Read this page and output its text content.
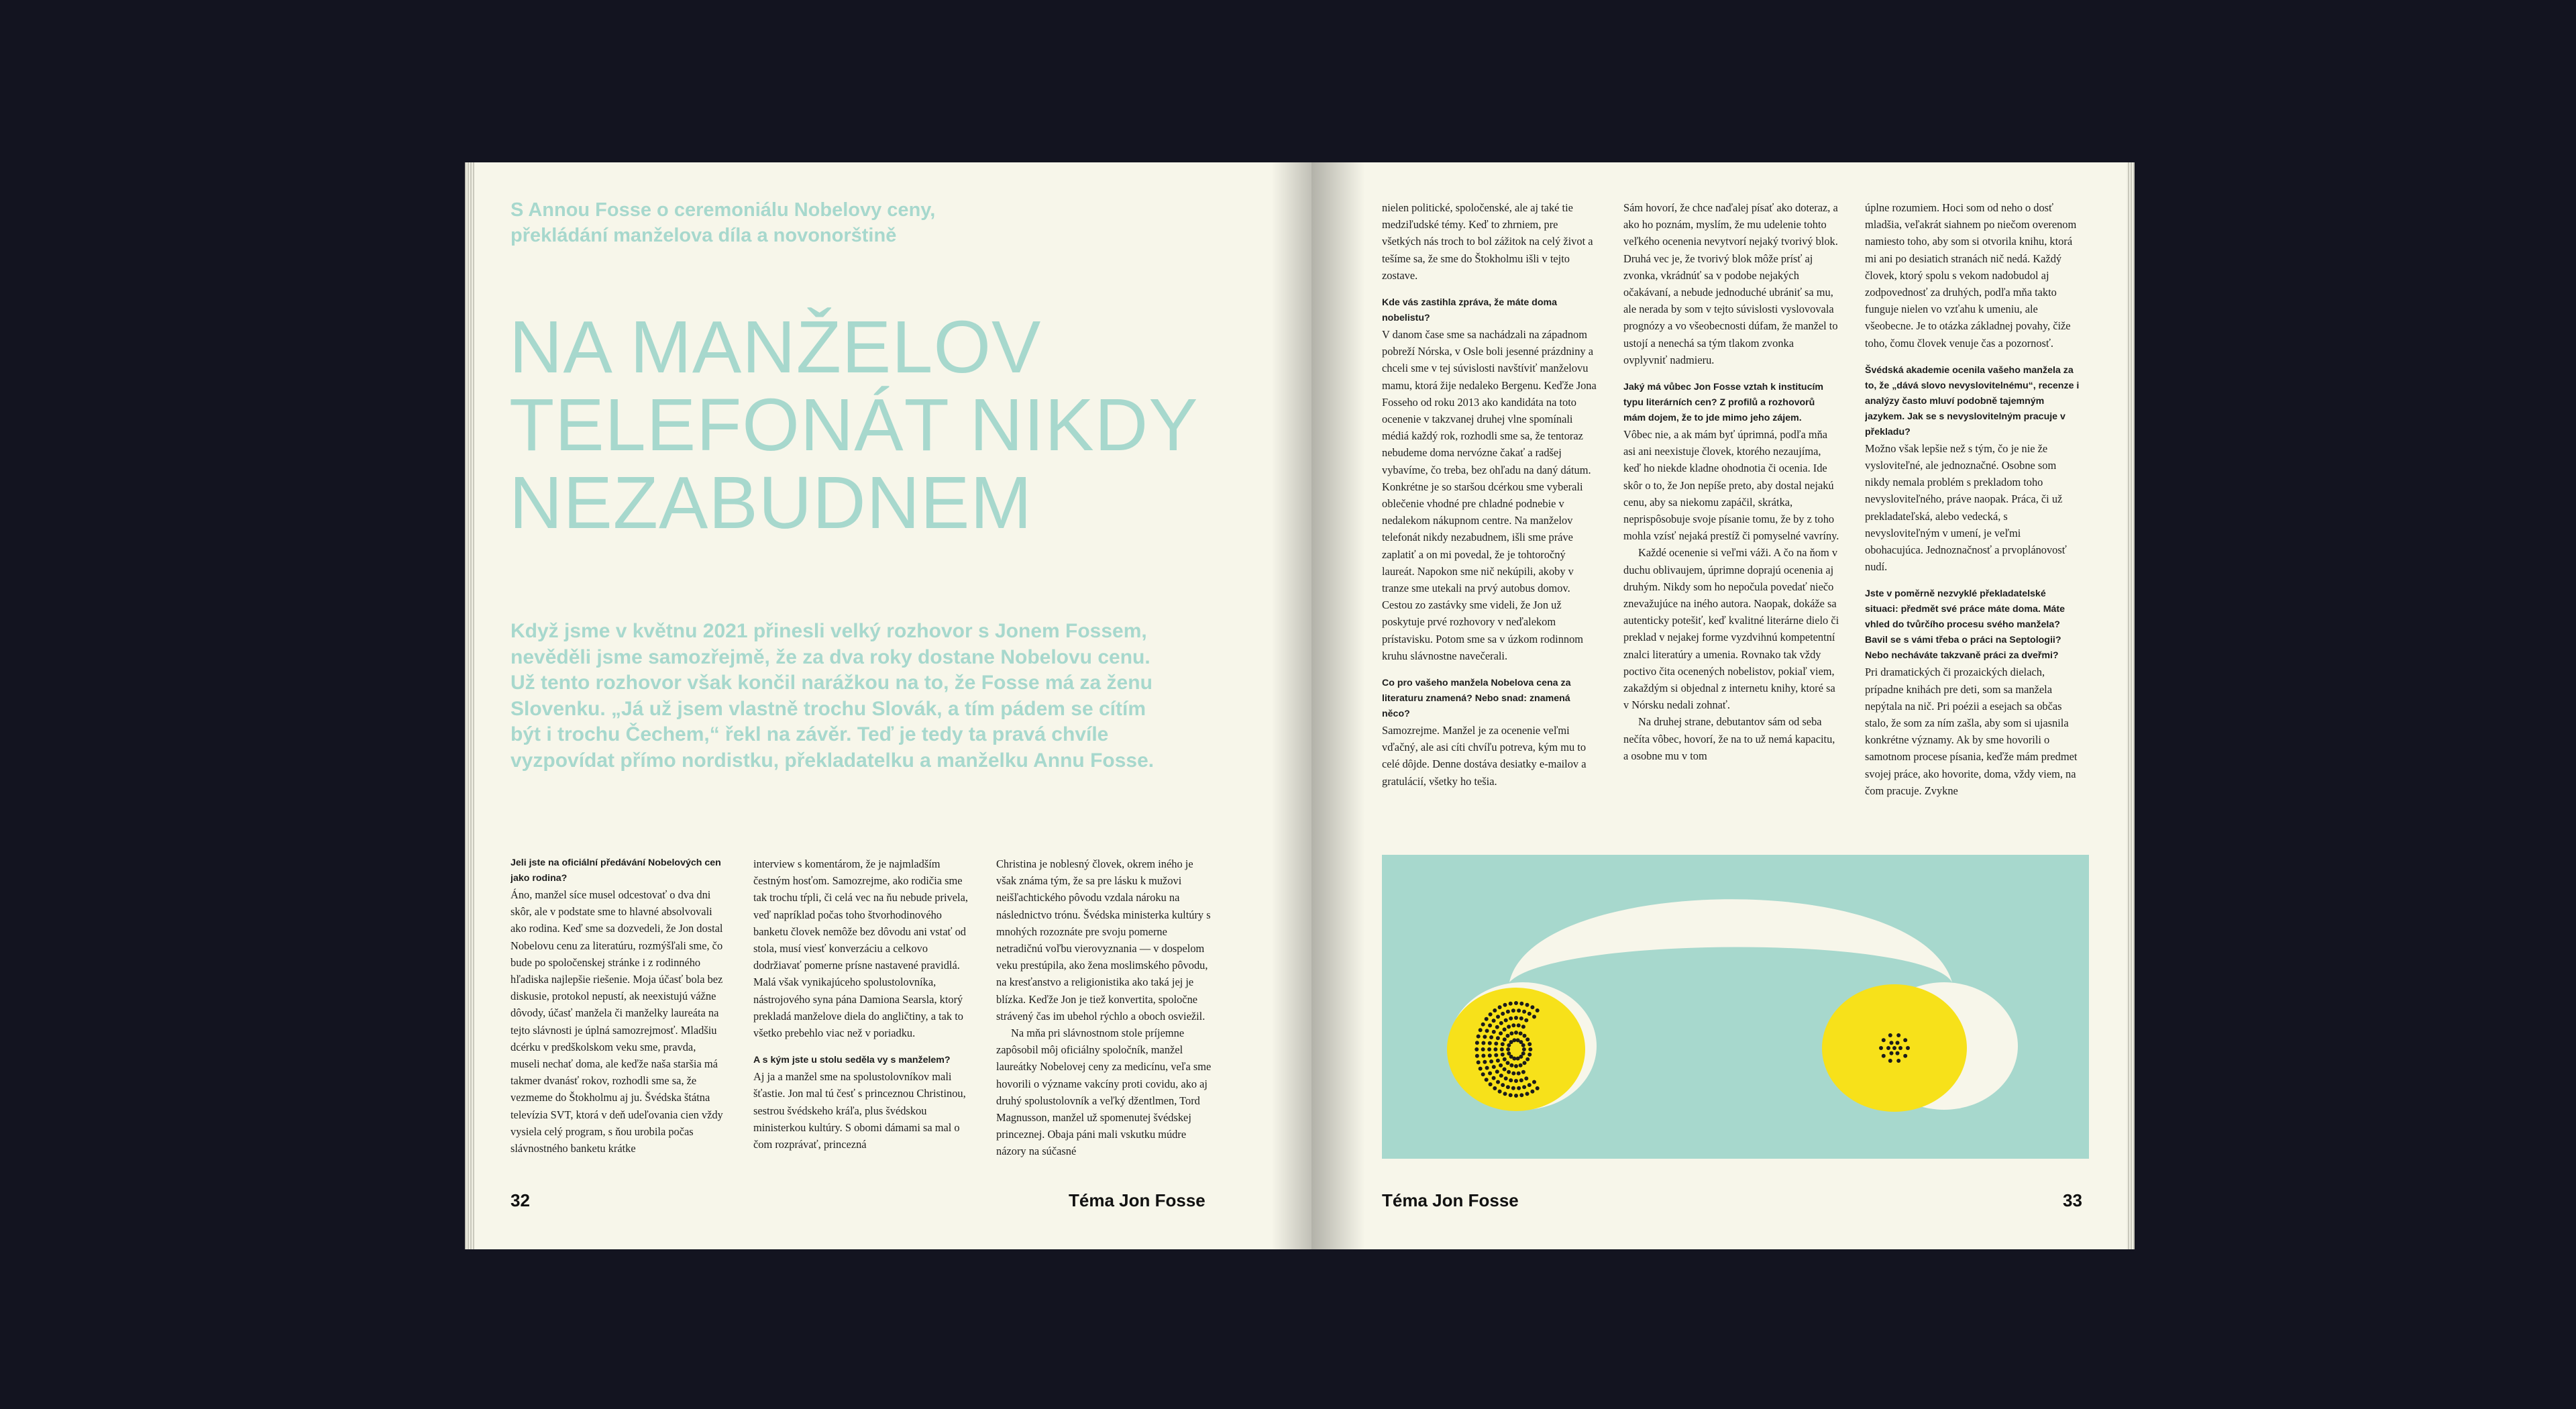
S Annou Fosse o ceremoniálu Nobelovy ceny, překládání manželova díla a novonorštině
NA MANŽELOV
TELEFONÁT NIKDY
NEZABUDNEM
Když jsme v květnu 2021 přinesli velký rozhovor s Jonem Fossem, nevěděli jsme samozřejmě, že za dva roky dostane Nobelovu cenu. Už tento rozhovor však končil narážkou na to, že Fosse má za ženu Slovenku. „Já už jsem vlastně trochu Slovák, a tím pádem se cítím být i trochu Čechem,“ řekl na závěr. Teď je tedy ta pravá chvíle vyzpovídat přímo nordistku, překladatelku a manželku Annu Fosse.

Jeli jste na oficiální předávání Nobelových cen jako rodina?

Áno, manžel síce musel odcestovať o dva dni skôr, ale v podstate sme to hlavné absolvovali ako rodina. Keď sme sa dozvedeli, že Jon dostal Nobelovu cenu za literatúru, rozmýšľali sme, čo bude po spoločenskej stránke i z rodinného hľadiska najlepšie riešenie. Moja účasť bola bez diskusie, protokol nepustí, ak neexistujú vážne dôvody, účasť manžela či manželky laureáta na tejto slávnosti je úplná samozrejmosť. Mladšiu dcérku v predškolskom veku sme, pravda, museli nechať doma, ale keďže naša staršia má takmer dvanásť rokov, rozhodli sme sa, že vezmeme do Štokholmu aj ju. Švédska štátna televízia SVT, ktorá v deň udeľovania cien vždy vysiela celý program, s ňou urobila počas slávnostného banketu krátke

interview s komentárom, že je najmladším čestným hosťom. Samozrejme, ako rodičia sme tak trochu tŕpli, či celá vec na ňu nebude privela, veď napríklad počas toho štvorhodinového banketu človek nemôže bez dôvodu ani vstať od stola, musí viesť konverzáciu a celkovo dodržiavať pomerne prísne nastavené pravidlá. Malá však vynikajúceho spolustolovníka, nástrojového syna pána Damiona Searsla, ktorý prekladá manželove diela do angličtiny, a tak to všetko prebehlo viac než v poriadku.

A s kým jste u stolu seděla vy s manželem?

Aj ja a manžel sme na spolustolovníkov mali šťastie. Jon mal tú česť s princeznou Christinou, sestrou švédskeho kráľa, plus švédskou ministerkou kultúry. S obomi dámami sa mal o čom rozprávať, princezná

Christina je noblesný človek, okrem iného je však známa tým, že sa pre lásku k mužovi neišľachtického pôvodu vzdala nároku na následnictvo trónu. Švédska ministerka kultúry s mnohých rozoznáte pre svoju pomerne netradičnú voľbu vierovyznania — v dospelom veku prestúpila, ako žena moslimského pôvodu, na kresťanstvo a religionistika ako taká jej je blízka. Keďže Jon je tiež konvertita, spoločne strávený čas im ubehol rýchlo a oboch osviežil.

Na mňa pri slávnostnom stole príjemne zapôsobil môj oficiálny spoločník, manžel laureátky Nobelovej ceny za medicínu, veľa sme hovorili o význame vakcíny proti covidu, ako aj druhý spolustolovník a veľký džentlmen, Tord Magnusson, manžel už spomenutej švédskej princeznej. Obaja páni mali vskutku múdre názory na súčasné

32	Téma Jon Fosse

nielen politické, spoločenské, ale aj také tie medziľudské témy. Keď to zhrniem, pre všetkých nás troch to bol zážitok na celý život a tešíme sa, že sme do Štokholmu išli v tejto zostave.

Kde vás zastihla zpráva, že máte doma nobelistu?

V danom čase sme sa nachádzali na západnom pobreží Nórska, v Osle boli jesenné prázdniny a chceli sme v tej súvislosti navštíviť manželovu mamu, ktorá žije nedaleko Bergenu. Keďže Jona Fosseho od roku 2013 ako kandidáta na toto ocenenie v takzvanej druhej vlne spomínali médiá každý rok, rozhodli sme sa, že tentoraz nebudeme doma nervózne čakať a radšej vybavíme, čo treba, bez ohľadu na daný dátum. Konkrétne je so staršou dcérkou sme vyberali oblečenie vhodné pre chladné podnebie v nedalekom nákupnom centre. Na manželov telefonát nikdy nezabudnem, išli sme práve zaplatiť a on mi povedal, že je tohtoročný laureát. Napokon sme nič nekúpili, akoby v tranze sme utekali na prvý autobus domov. Cestou zo zastávky sme videli, že Jon už poskytuje prvé rozhovory v neďalekom prístavisku. Potom sme sa v úzkom rodinnom kruhu slávnostne navečerali.

Co pro vašeho manžela Nobelova cena za literaturu znamená? Nebo snad: znamená něco?

Samozrejme. Manžel je za ocenenie veľmi vďačný, ale asi cíti chvíľu potreva, kým mu to celé dôjde. Denne dostáva desiatky e-mailov a gratulácií, všetky ho tešia.

Sám hovorí, že chce naďalej písať ako doteraz, a ako ho poznám, myslím, že mu udelenie tohto veľkého ocenenia nevytvorí nejaký tvorivý blok. Druhá vec je, že tvorivý blok môže prísť aj zvonka, vkrádnúť sa v podobe nejakých očakávaní, a nebude jednoduché ubrániť sa mu, ale nerada by som v tejto súvislosti vyslovovala prognózy a vo všeobecnosti dúfam, že manžel to ustojí a nenechá sa tým tlakom zvonka ovplyvniť nadmieru.

Jaký má vůbec Jon Fosse vztah k institucím typu literárních cen? Z profilů a rozhovorů mám dojem, že to jde mimo jeho zájem.

Vôbec nie, a ak mám byť úprimná, podľa mňa asi ani neexistuje človek, ktorého nezaujíma, keď ho niekde kladne ohodnotia či ocenia. Ide skôr o to, že Jon nepíše preto, aby dostal nejakú cenu, aby sa niekomu zapáčil, skrátka, neprispôsobuje svoje písanie tomu, že by z toho mohla vzísť nejaká prestíž či pomyselné vavríny.

Každé ocenenie si veľmi váži. A čo na ňom v duchu oblivaujem, úprimne doprajú ocenenia aj druhým. Nikdy som ho nepočula povedať niečo znevažujúce na iného autora. Naopak, dokáže sa autenticky potešiť, keď kvalitné literárne dielo či preklad v nejakej forme vyzdvihnú kompetentní znalci literatúry a umenia. Rovnako tak vždy poctivo čita ocenených nobelistov, pokiaľ viem, zakaždým si objednal z internetu knihy, ktoré sa v Nórsku nedali zohnať.

Na druhej strane, debutantov sám od seba nečíta vôbec, hovorí, že na to už nemá kapacitu, a osobne mu v tom

úplne rozumiem. Hoci som od neho o dosť mladšia, veľakrát siahnem po niečom overenom namiesto toho, aby som si otvorila knihu, ktorá mi ani po desiatich stranách nič nedá. Každý človek, ktorý spolu s vekom nadobudol aj zodpovednosť za druhých, podľa mňa takto funguje nielen vo vzťahu k umeniu, ale všeobecne. Je to otázka základnej povahy, čiže toho, čomu človek venuje čas a pozornosť.

Švédská akademie ocenila vašeho manžela za to, že „dává slovo nevyslovitelnému“, recenze i analýzy často mluví podobně tajemným jazykem. Jak se s nevyslovitelným pracuje v překladu?

Možno však lepšie než s tým, čo je nie že vysloviteľné, ale jednoznačné. Osobne som nikdy nemala problém s prekladom toho nevysloviteľného, práve naopak. Práca, či už prekladateľská, alebo vedecká, s nevysloviteľným v umení, je veľmi obohacujúca. Jednoznačnosť a prvoplánovosť nudí.

Jste v poměrně nezvyklé překladatelské situaci: předmět své práce máte doma. Máte vhled do tvůrčího procesu svého manžela? Bavil se s vámi třeba o práci na Septologii? Nebo necháváte takzvaně práci za dveřmi?

Pri dramatických či prozaických dielach, prípadne knihách pre deti, som sa manžela nepýtala na nič. Pri poézii a esejach sa občas stalo, že som za ním zašla, aby som si ujasnila konkrétne významy. Ak by sme hovorili o samotnom procese písania, keďže mám predmet svojej práce, ako hovorite, doma, vždy viem, na čom pracuje. Zvykne

Téma Jon Fosse	33
